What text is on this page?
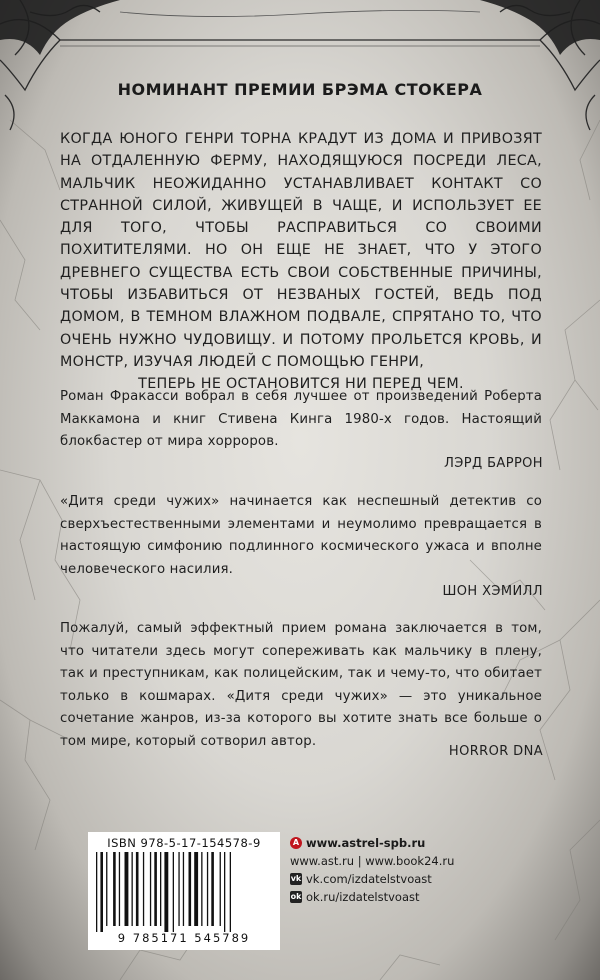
НОМИНАНТ ПРЕМИИ БРЭМА СТОКЕРА
КОГДА ЮНОГО ГЕНРИ ТОРНА КРАДУТ ИЗ ДОМА И ПРИВОЗЯТ НА ОТДАЛЕННУЮ ФЕРМУ, НАХОДЯЩУЮСЯ ПОСРЕДИ ЛЕСА, МАЛЬЧИК НЕОЖИДАННО УСТАНАВЛИВАЕТ КОНТАКТ СО СТРАННОЙ СИЛОЙ, ЖИВУЩЕЙ В ЧАЩЕ, И ИСПОЛЬЗУЕТ ЕЕ ДЛЯ ТОГО, ЧТОБЫ РАСПРАВИТЬСЯ СО СВОИМИ ПОХИТИТЕЛЯМИ. НО ОН ЕЩЕ НЕ ЗНАЕТ, ЧТО У ЭТОГО ДРЕВНЕГО СУЩЕСТВА ЕСТЬ СВОИ СОБСТВЕННЫЕ ПРИЧИНЫ, ЧТОБЫ ИЗБАВИТЬСЯ ОТ НЕЗВАНЫХ ГОСТЕЙ, ВЕДЬ ПОД ДОМОМ, В ТЕМНОМ ВЛАЖНОМ ПОДВАЛЕ, СПРЯТАНО ТО, ЧТО ОЧЕНЬ НУЖНО ЧУДОВИЩУ. И ПОТОМУ ПРОЛЬЕТСЯ КРОВЬ, И МОНСТР, ИЗУЧАЯ ЛЮДЕЙ С ПОМОЩЬЮ ГЕНРИ,
ТЕПЕРЬ НЕ ОСТАНОВИТСЯ НИ ПЕРЕД ЧЕМ.
Роман Фракасси вобрал в себя лучшее от произведений Роберта Маккамона и книг Стивена Кинга 1980-х годов. Настоящий блокбастер от мира хорроров.
ЛЭРД БАРРОН
«Дитя среди чужих» начинается как неспешный детектив со сверхъестественными элементами и неумолимо превращается в настоящую симфонию подлинного космического ужаса и вполне человеческого насилия.
ШОН ХЭМИЛЛ
Пожалуй, самый эффектный прием романа заключается в том, что читатели здесь могут сопереживать как мальчику в плену, так и преступникам, как полицейским, так и чему-то, что обитает только в кошмарах. «Дитя среди чужих» — это уникальное сочетание жанров, из-за которого вы хотите знать все больше о том мире, который сотворил автор.
HORROR DNA
ISBN 978-5-17-154578-9
9 785171 545789
A www.astrel-spb.ru
www.ast.ru | www.book24.ru
vk vk.com/izdatelstvoast
ok ok.ru/izdatelstvoast
